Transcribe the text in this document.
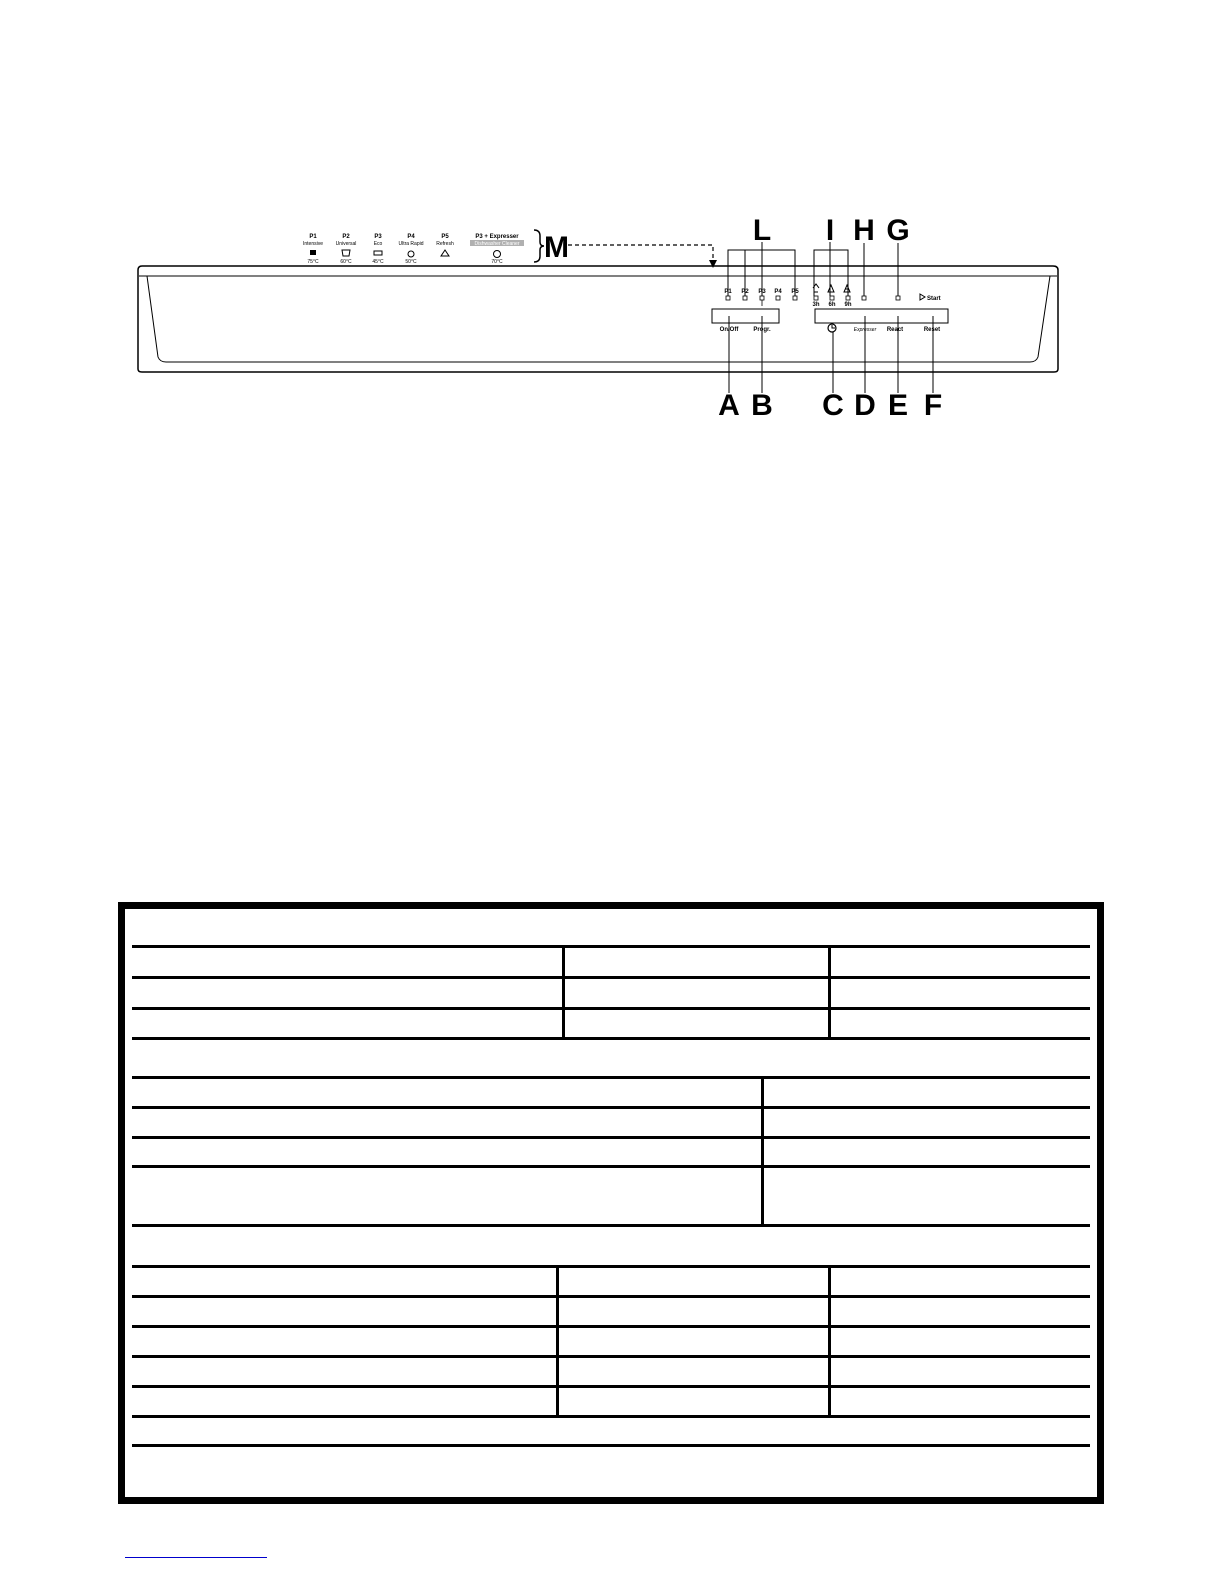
P1
Intensive
75°C
P2
Universal
60°C
P3
Eco
45°C
P4
Ultra Rapid
50°C
P5
Refresh
P3 + Expresser
Dishwasher Cleaner
70°C M
P1 P2 P3 P4 P5
3h 6h 9h
Start
On/Off Progr.	Expresser React	Reset
L I H G
A B C D E F
